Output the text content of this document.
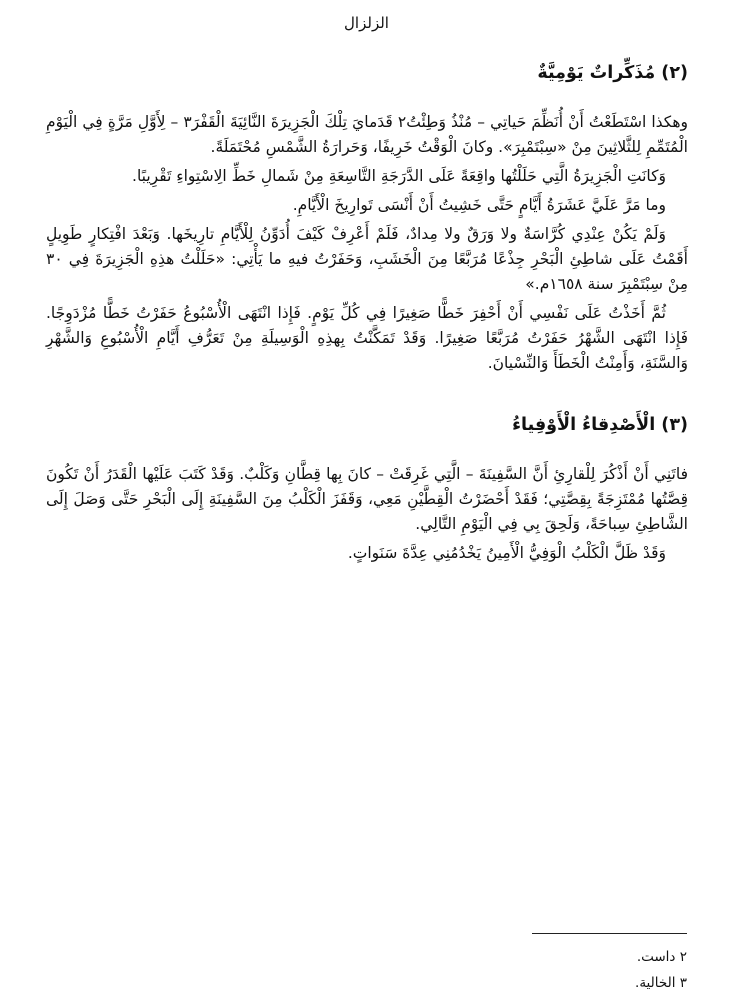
الزلزال
(٢) مُذَكِّراتٌ يَوْمِيَّةٌ

وهكذا اسْتَطَعْتُ أَنْ أُنَظِّمَ حَياتِي – مُنْذُ وَطِئْتُ٢ قَدَمايَ تِلْكَ الْجَزِيرَةَ النَّائِيَةَ الْقَفْرَ٣ – لِأَوَّلِ مَرَّةٍ فِي الْيَوْمِ الْمُتَمِّمِ لِلثَّلاثِينَ مِنْ «سِبْتَمْبِرَ». وكانَ الْوَقْتُ خَرِيفًا، وَحَرارَةُ الشَّمْسِ مُحْتَمَلَةً.

وَكانَتِ الْجَزِيرَةُ الَّتِي حَلَلْتُها واقِعَةً عَلَى الدَّرَجَةِ التَّاسِعَةِ مِنْ شَمالِ خَطِّ الِاسْتِواءِ تَقْرِيبًا.

وما مَرَّ عَلَيَّ عَشَرَةُ أَيَّامٍ حَتَّى خَشِيتُ أَنْ أَنْسَى تَوارِيخَ الْأَيَّامِ.

وَلَمْ يَكُنْ عِنْدِي كُرَّاسَةٌ ولا وَرَقٌ ولا مِدادٌ، فَلَمْ أَعْرِفْ كَيْفَ أُدَوِّنُ لِلْأَيَّامِ تارِيخَها. وَبَعْدَ افْتِكارٍ طَوِيلٍ أَقَمْتُ عَلَى شاطِئِ الْبَحْرِ جِذْعًا مُرَبَّعًا مِنَ الْخَشَبِ، وَحَفَرْتُ فيهِ ما يَأْتِي: «حَلَلْتُ هذِهِ الْجَزِيرَةَ فِي ٣٠ مِنْ سِبْتَمْبِرَ سنة ١٦٥٨م.»

ثُمَّ أَخَذْتُ عَلَى نَفْسِي أَنْ أَحْفِرَ خَطًّا صَغِيرًا فِي كُلِّ يَوْمٍ. فَإِذا انْتَهَى الْأُسْبُوعُ حَفَرْتُ خَطًّا مُزْدَوِجًا. فَإِذا انْتَهَى الشَّهْرُ حَفَرْتُ مُرَبَّعًا صَغِيرًا. وَقَدْ تَمَكَّنْتُ بِهذِهِ الْوَسِيلَةِ مِنْ تَعَرُّفِ أَيَّامِ الْأُسْبُوعِ وَالشَّهْرِ وَالسَّنَةِ، وَأَمِنْتُ الْخَطَأَ وَالنِّسْيانَ.

(٣) الْأَصْدِقاءُ الْأَوْفِياءُ

فاتَنِي أَنْ أَذْكُرَ لِلْقارِئِ أَنَّ السَّفِينَةَ – الَّتِي غَرِقَتْ – كانَ بِها قِطَّانِ وَكَلْبٌ. وَقَدْ كَتَبَ عَلَيْها الْقَدَرُ أَنْ تَكُونَ قِصَّتُها مُمْتَزِجَةً بِقِصَّتِي؛ فَقَدْ أَحْضَرْتُ الْقِطَّيْنِ مَعِي، وَقَفَزَ الْكَلْبُ مِنَ السَّفِينَةِ إِلَى الْبَحْرِ حَتَّى وَصَلَ إِلَى الشَّاطِئِ سِباحَةً، وَلَحِقَ بِي فِي الْيَوْمِ التَّالِي.

وَقَدْ ظَلَّ الْكَلْبُ الْوَفِيُّ الْأَمِينُ يَخْدُمُنِي عِدَّةَ سَنَواتٍ.

٢ داست.

٣ الخالية.
